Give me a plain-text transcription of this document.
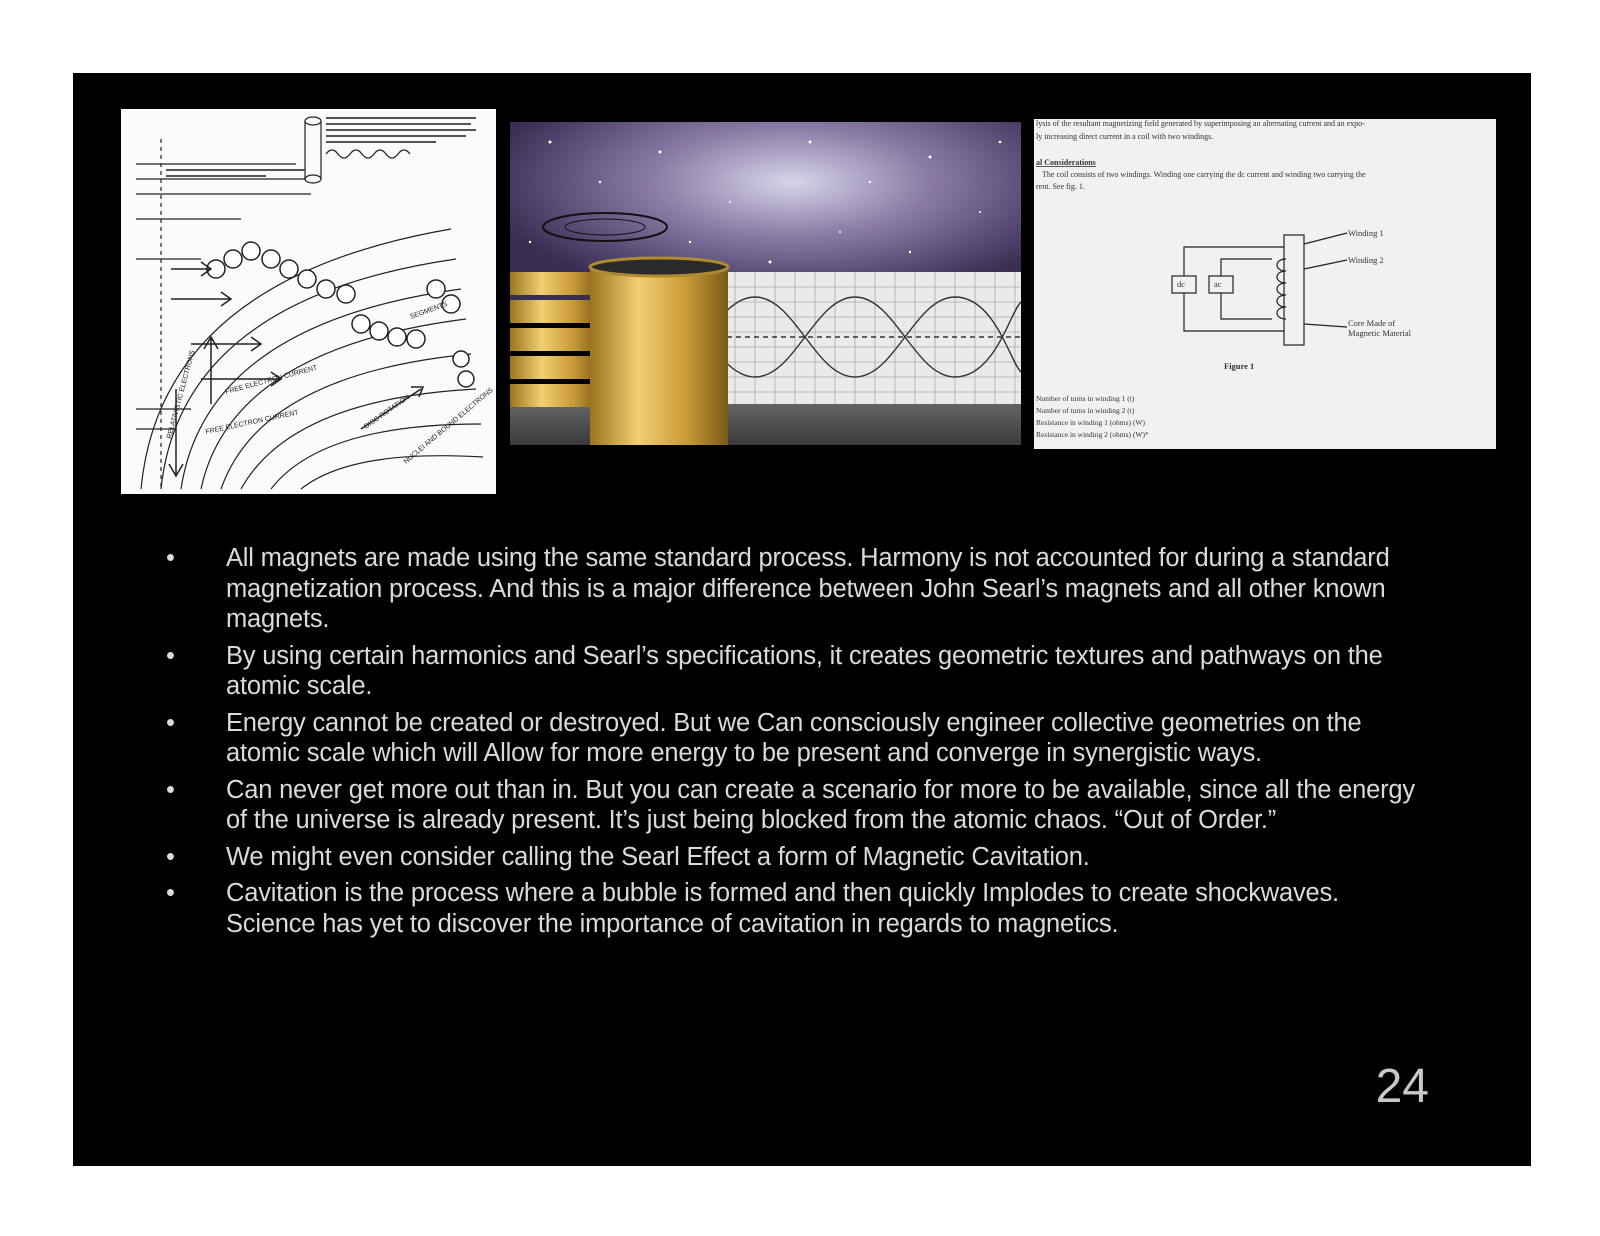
FREE ELECTRON CURRENT
FREE ELECTRON CURRENT
RELATIVISTIC ELECTRONS	DISC ROTATION
SEGMENTS
NUCLEI AND BOUND ELECTRONS
lysis of the resultant magnetizing field generated by superimposing an alternating current and an expo-
ly increasing direct current in a coil with two windings.
al Considerations
The coil consists of two windings. Winding one carrying the dc current and winding two carrying the
rent. See fig. 1.
dc	ac
Winding 1
Winding 2
Core Made of
Magnetic Material
Figure 1
Number of turns in winding 1 (t)
Number of turns in winding 2 (t)
Resistance in winding 1 (ohms) (W)
Resistance in winding 2 (ohms) (W)*
• All magnets are made using the same standard process. Harmony is not accounted for during a standard magnetization process. And this is a major difference between John Searl’s magnets and all other known magnets.
• By using certain harmonics and Searl’s specifications, it creates geometric textures and pathways on the atomic scale.
• Energy cannot be created or destroyed. But we Can consciously engineer collective geometries on the atomic scale which will Allow for more energy to be present and converge in synergistic ways.
• Can never get more out than in. But you can create a scenario for more to be available, since all the energy of the universe is already present. It’s just being blocked from the atomic chaos. “Out of Order.”
• We might even consider calling the Searl Effect a form of Magnetic Cavitation.
• Cavitation is the process where a bubble is formed and then quickly Implodes to create shockwaves. Science has yet to discover the importance of cavitation in regards to magnetics.
24
